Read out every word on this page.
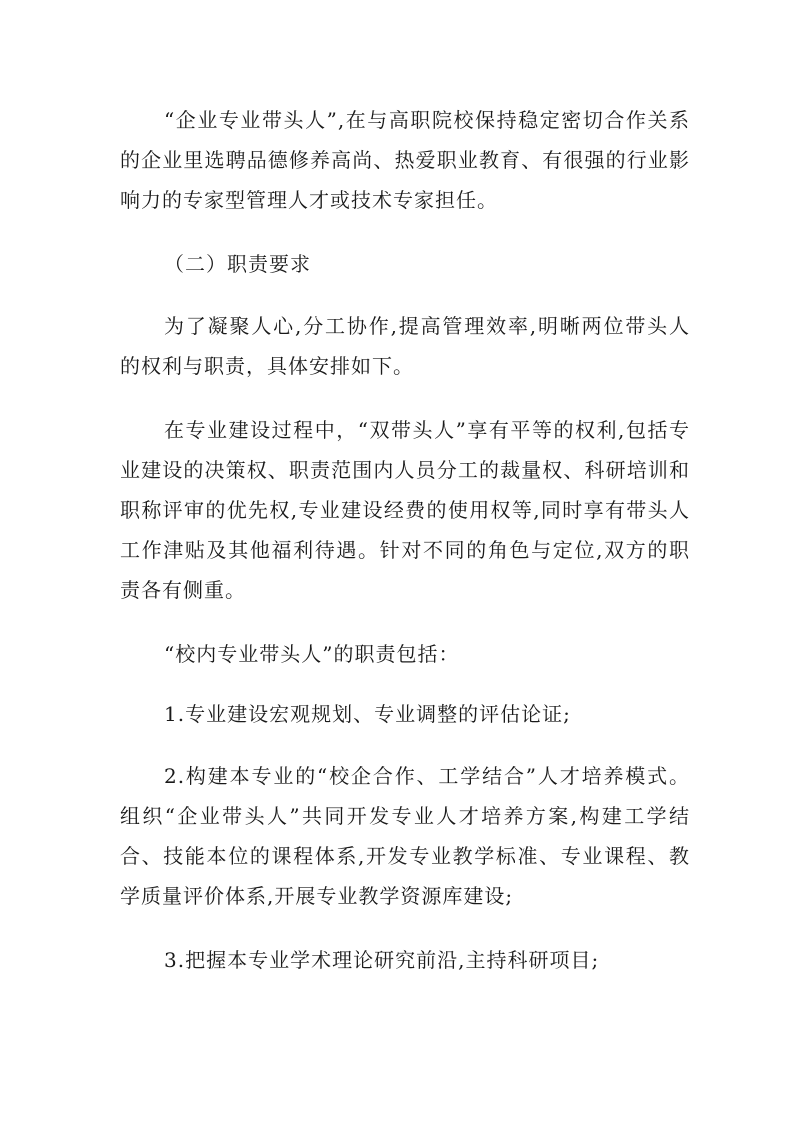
“企业专业带头人”,在与高职院校保持稳定密切合作关系的企业里选聘品德修养高尚、热爱职业教育、有很强的行业影响力的专家型管理人才或技术专家担任。

（二）职责要求

为了凝聚人心,分工协作,提高管理效率,明晰两位带头人的权利与职责，具体安排如下。

在专业建设过程中，“双带头人”享有平等的权利,包括专业建设的决策权、职责范围内人员分工的裁量权、科研培训和职称评审的优先权,专业建设经费的使用权等,同时享有带头人工作津贴及其他福利待遇。针对不同的角色与定位,双方的职责各有侧重。

“校内专业带头人”的职责包括：

1.专业建设宏观规划、专业调整的评估论证;

2.构建本专业的“校企合作、工学结合”人才培养模式。组织“企业带头人”共同开发专业人才培养方案,构建工学结合、技能本位的课程体系,开发专业教学标准、专业课程、教学质量评价体系,开展专业教学资源库建设;

3.把握本专业学术理论研究前沿,主持科研项目;
